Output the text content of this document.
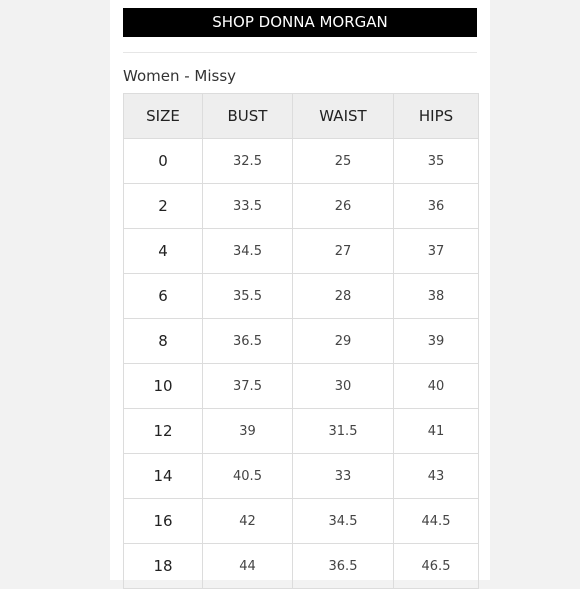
SHOP DONNA MORGAN
Women - Missy
SIZE	BUST	WAIST	HIPS
0	32.5	25	35
2	33.5	26	36
4	34.5	27	37
6	35.5	28	38
8	36.5	29	39
10	37.5	30	40
12	39	31.5	41
14	40.5	33	43
16	42	34.5	44.5
18	44	36.5	46.5
